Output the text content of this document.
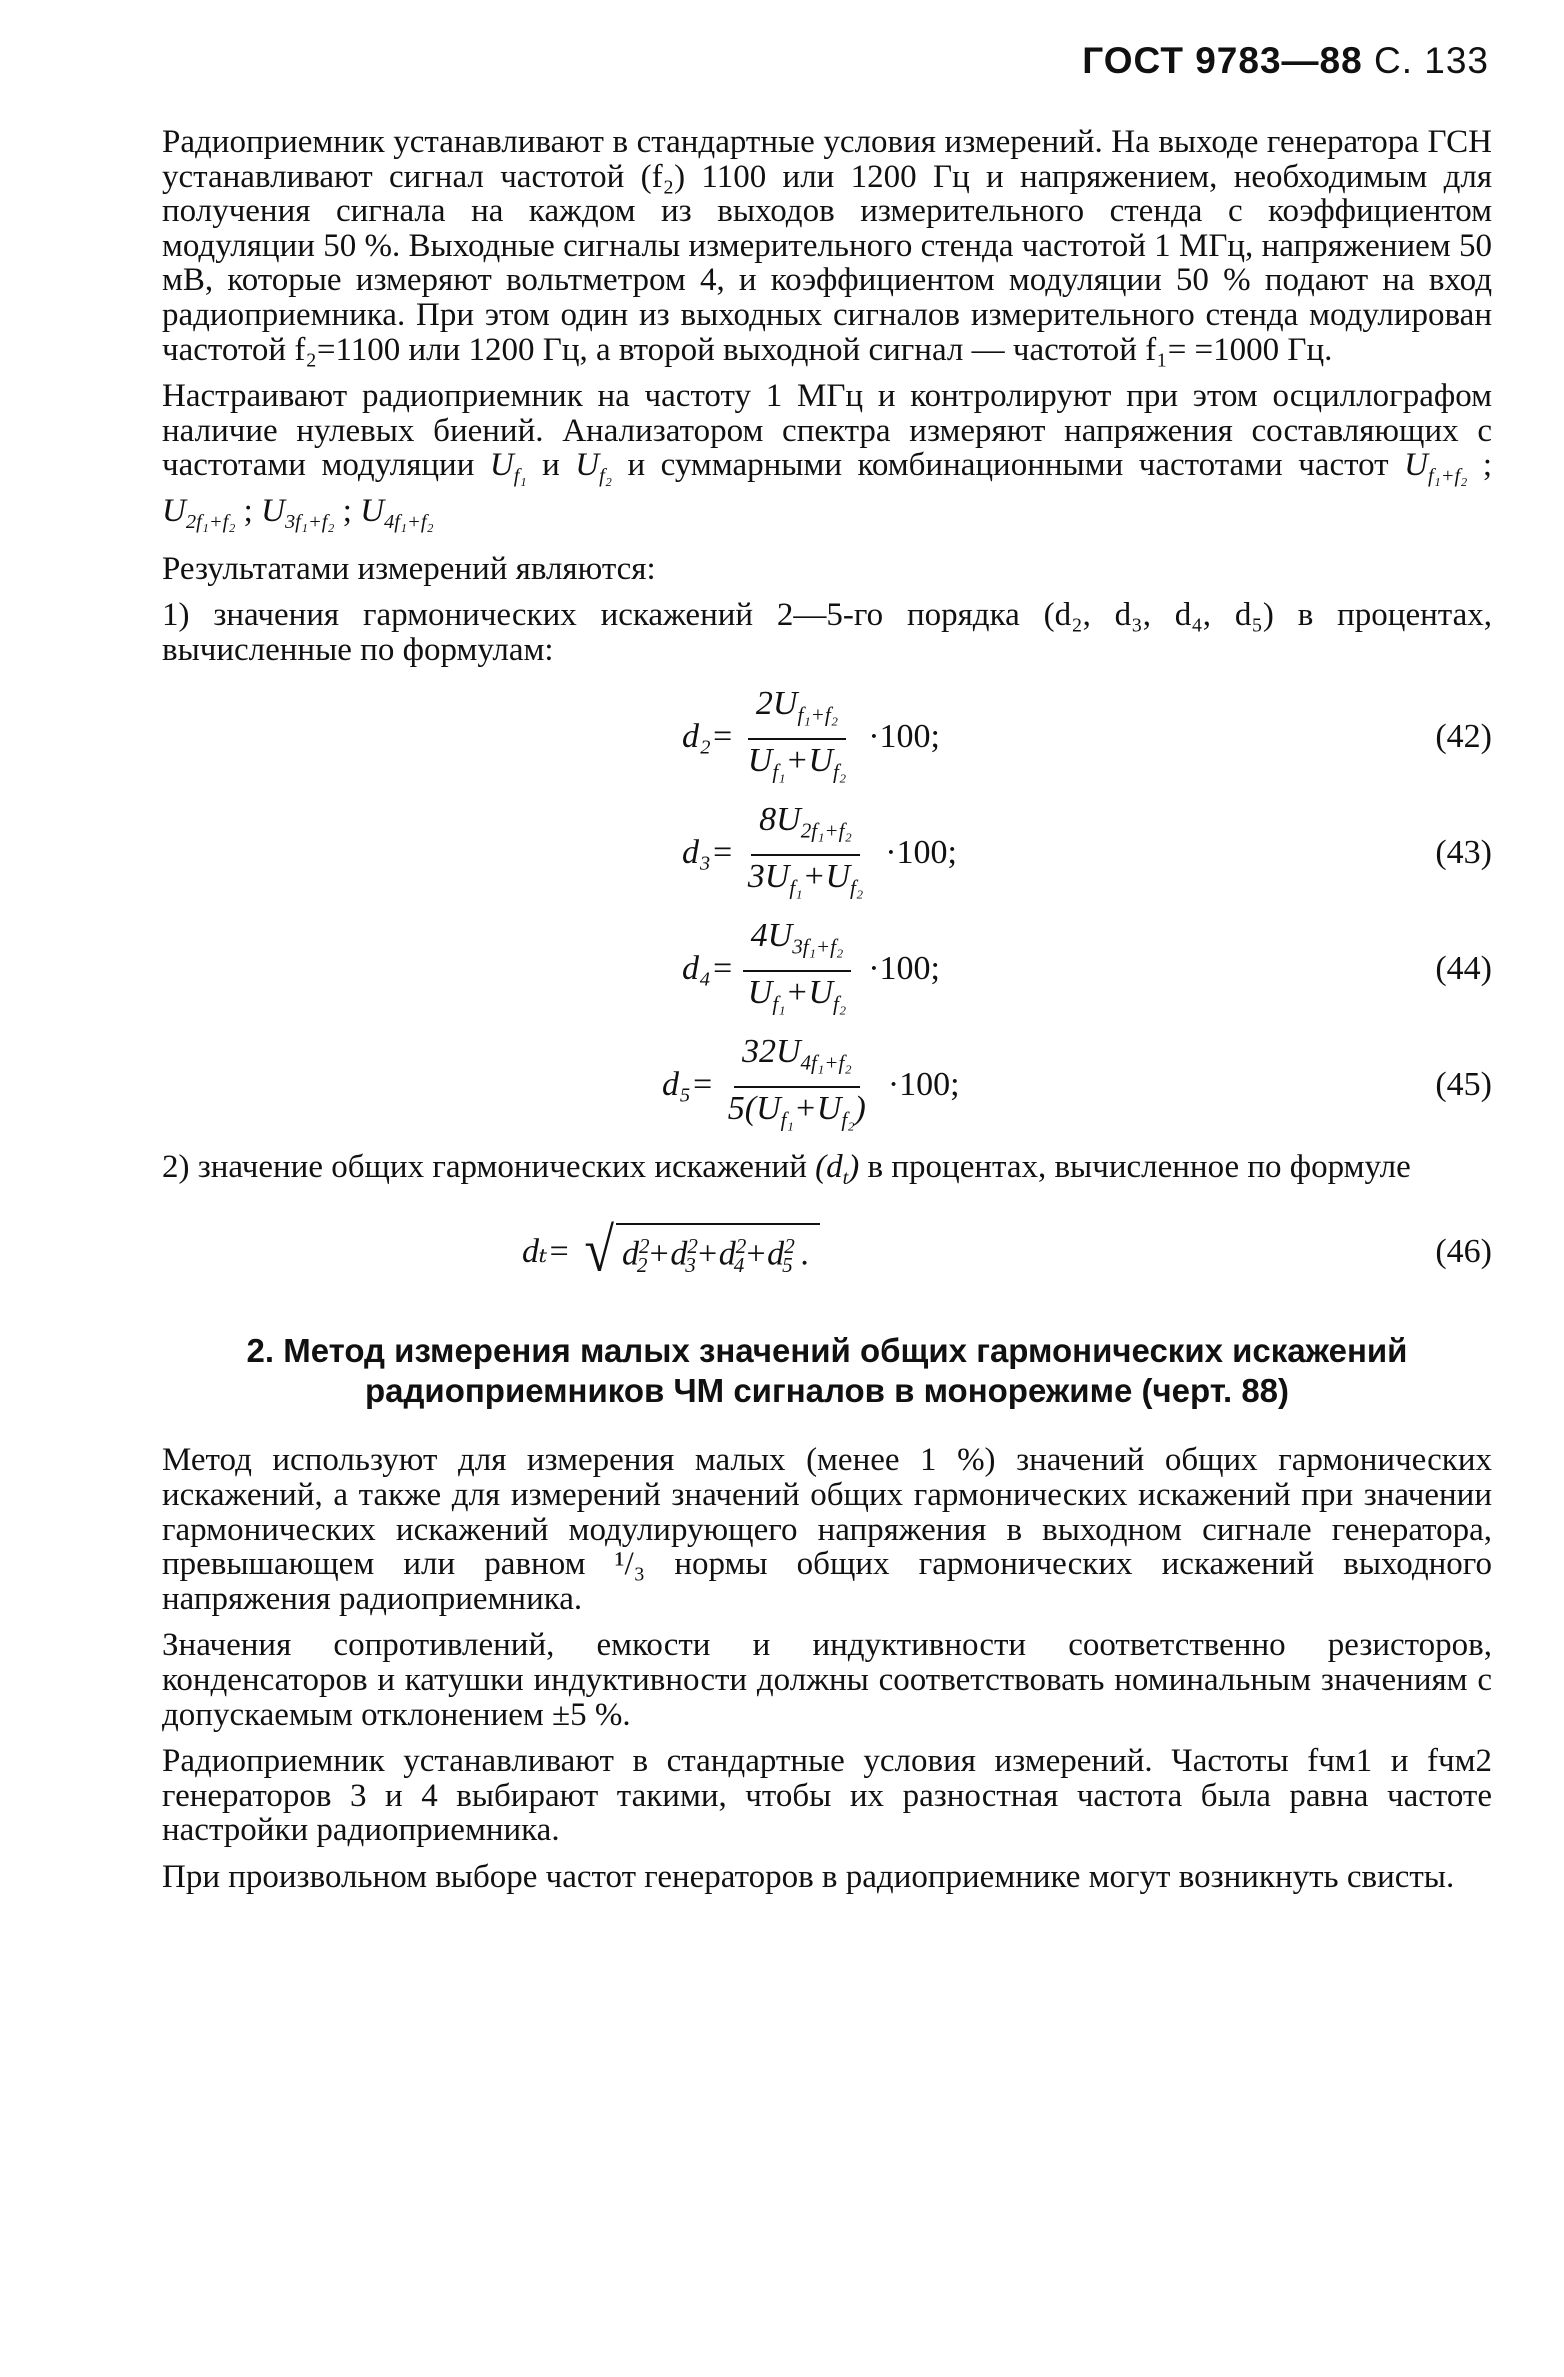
ГОСТ 9783—88 С. 133

Радиоприемник устанавливают в стандартные условия измерений. На выходе генератора ГСН устанавливают сигнал частотой (f₂) 1100 или 1200 Гц и напряжением, необходимым для получения сигнала на каждом из выходов измерительного стенда с коэффициентом модуляции 50 %. Выходные сигналы измерительного стенда частотой 1 МГц, напряжением 50 мВ, которые измеряют вольтметром 4, и коэффициентом модуляции 50 % подают на вход радиоприемника. При этом один из выходных сигналов измерительного стенда модулирован частотой f₂=1100 или 1200 Гц, а второй выходной сигнал — частотой f₁= =1000 Гц.

Настраивают радиоприемник на частоту 1 МГц и контролируют при этом осциллографом наличие нулевых биений. Анализатором спектра измеряют напряжения составляющих с частотами модуляции $U_{f_1}$ и $U_{f_2}$ и суммарными комбинационными частотами частот $U_{f_1+f_2}$ ; $U_{2f_1+f_2}$ ; $U_{3f_1+f_2}$ ; $U_{4f_1+f_2}$

Результатами измерений являются:

1) значения гармонических искажений 2—5-го порядка (d₂, d₃, d₄, d₅) в процентах, вычисленные по формулам:

$d_2= \frac{2U_{f_1+f_2}}{U_{f_1}+U_{f_2}} \cdot 100$;	(42)
$d_3= \frac{8U_{2f_1+f_2}}{3U_{f_1}+U_{f_2}} \cdot 100$;	(43)
$d_4= \frac{4U_{3f_1+f_2}}{U_{f_1}+U_{f_2}} \cdot 100$;	(44)
$d_5= \frac{32U_{4f_1+f_2}}{5(U_{f_1}+U_{f_2})} \cdot 100$;	(45)

2) значение общих гармонических искажений $(d_t)$ в процентах, вычисленное по формуле

dₜ= √ $d^2_2+d^2_3+d^2_4+d^2_5$ .	(46)
2. Метод измерения малых значений общих гармонических искажений
радиоприемников ЧМ сигналов в монорежиме (черт. 88)

Метод используют для измерения малых (менее 1 %) значений общих гармонических искажений, а также для измерений значений общих гармонических искажений при значении гармонических искажений модулирующего напряжения в выходном сигнале генератора, превышающем или равном ¹/₃ нормы общих гармонических искажений выходного напряжения радиоприемника.

Значения сопротивлений, емкости и индуктивности соответственно резисторов, конденсаторов и катушки индуктивности должны соответствовать номинальным значениям с допускаемым отклонением ±5 %.

Радиоприемник устанавливают в стандартные условия измерений. Частоты fчм1 и fчм2 генераторов 3 и 4 выбирают такими, чтобы их разностная частота была равна частоте настройки радиоприемника.

При произвольном выборе частот генераторов в радиоприемнике могут возникнуть свисты.
